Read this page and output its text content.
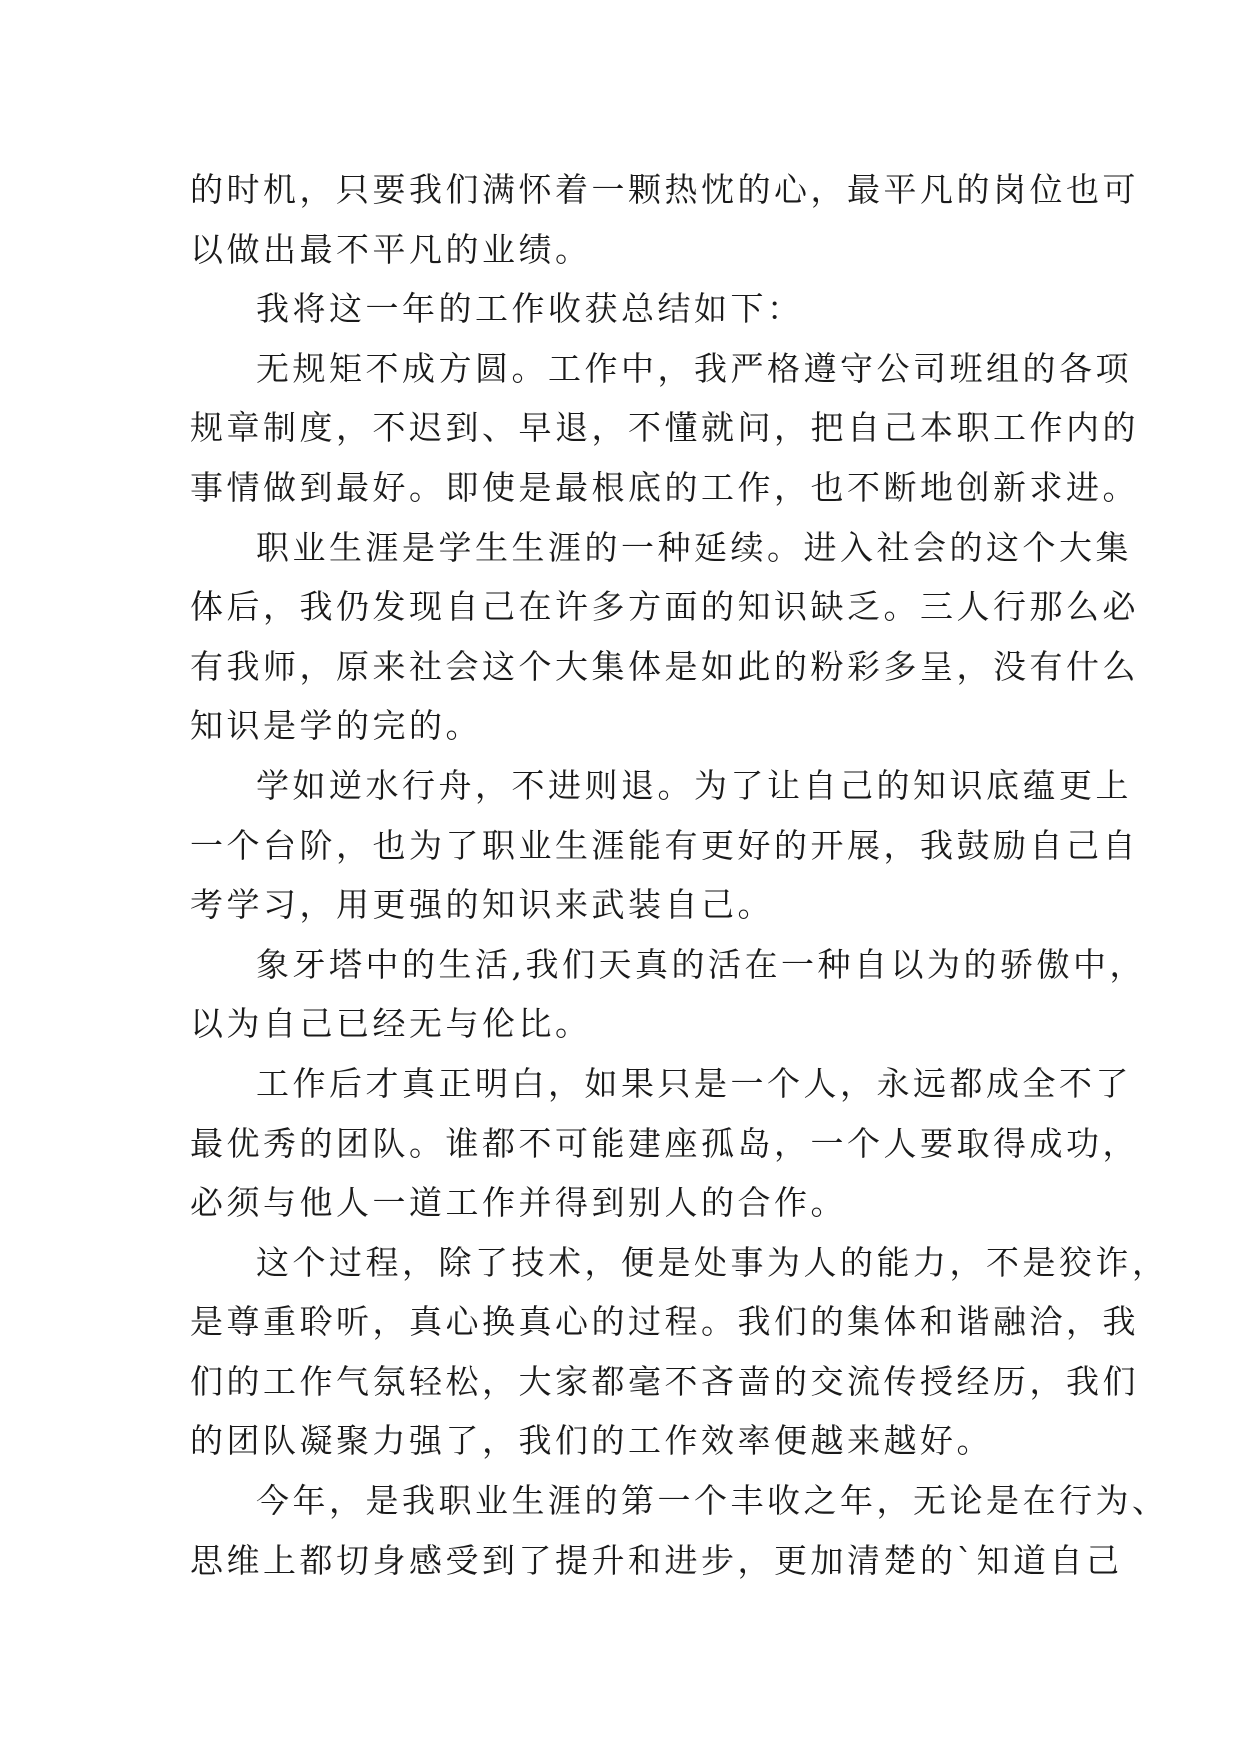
的时机，只要我们满怀着一颗热忱的心，最平凡的岗位也可
以做出最不平凡的业绩。
我将这一年的工作收获总结如下：
无规矩不成方圆。工作中，我严格遵守公司班组的各项
规章制度，不迟到、早退，不懂就问，把自己本职工作内的
事情做到最好。即使是最根底的工作，也不断地创新求进。
职业生涯是学生生涯的一种延续。进入社会的这个大集
体后，我仍发现自己在许多方面的知识缺乏。三人行那么必
有我师，原来社会这个大集体是如此的粉彩多呈，没有什么
知识是学的完的。
学如逆水行舟，不进则退。为了让自己的知识底蕴更上
一个台阶，也为了职业生涯能有更好的开展，我鼓励自己自
考学习，用更强的知识来武装自己。
象牙塔中的生活,我们天真的活在一种自以为的骄傲中，
以为自己已经无与伦比。
工作后才真正明白，如果只是一个人，永远都成全不了
最优秀的团队。谁都不可能建座孤岛，一个人要取得成功，
必须与他人一道工作并得到别人的合作。
这个过程，除了技术，便是处事为人的能力，不是狡诈，
是尊重聆听，真心换真心的过程。我们的集体和谐融洽，我
们的工作气氛轻松，大家都毫不吝啬的交流传授经历，我们
的团队凝聚力强了，我们的工作效率便越来越好。
今年，是我职业生涯的第一个丰收之年，无论是在行为、
思维上都切身感受到了提升和进步，更加清楚的`知道自己
